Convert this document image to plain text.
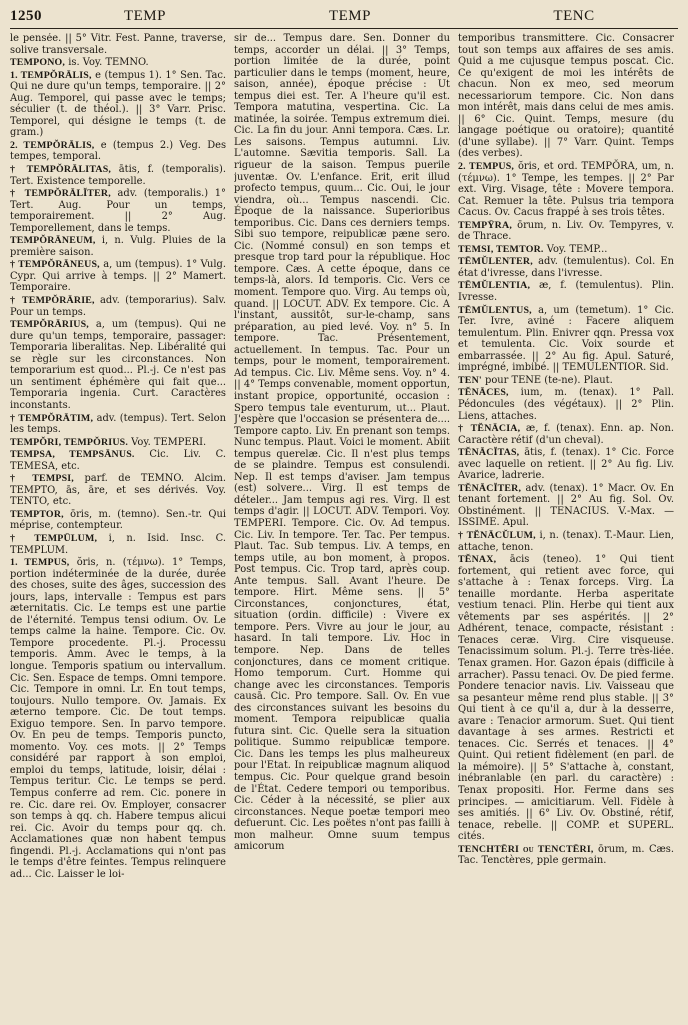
1250	TEMP	TEMP	TENC
le pensée. || 5° Vitr. Fest. Panne, traverse, solive transversale.
TEMPONO, is. Voy. TEMNO.
1. TEMPŎRĀLIS, e (tempus 1). 1° Sen. Tac. Qui ne dure qu'un temps, temporaire. || 2° Aug. Temporel, qui passe avec le temps; séculier (t. de théol.). || 3° Varr. Prisc. Temporel, qui désigne le temps (t. de gram.)
2. TEMPŎRĀLIS, e (tempus 2.) Veg. Des tempes, temporal.
† TEMPŎRĀLITAS, ātis, f. (temporalis). Tert. Existence temporelle.
† TEMPŎRĀLĬTER, adv. (temporalis.) 1° Tert. Aug. Pour un temps, temporairement. || 2° Aug. Temporellement, dans le temps.
TEMPŎRĀNEUM, i, n. Vulg. Pluies de la première saison.
† TEMPŎRĀNEUS, a, um (tempus). 1° Vulg. Cypr. Qui arrive à temps. || 2° Mamert. Temporaire.
† TEMPŎRĀRIE, adv. (temporarius). Salv. Pour un temps.
TEMPŎRĀRIUS, a, um (tempus). Qui ne dure qu'un temps, temporaire, passager: Temporaria liberalitas. Nep. Libéralité qui se règle sur les circonstances. Non temporarium est quod... Pl.-j. Ce n'est pas un sentiment éphémère qui fait que... Temporaria ingenia. Curt. Caractères inconstants.
† TEMPŎRĀTIM, adv. (tempus). Tert. Selon les temps.
TEMPŎRI, TEMPŎRIUS. Voy. TEMPERI.
TEMPSA, TEMPSĀNUS. Cic. Liv. C. TEMESA, etc.
† TEMPSI, parf. de TEMNO. Alcim. TEMPTO, ās, āre, et ses dérivés. Voy. TENTO, etc.
TEMPTOR, ōris, m. (temno). Sen.-tr. Qui méprise, contempteur.
† TEMPŪLUM, i, n. Isid. Insc. C. TEMPLUM.
1. TEMPUS, ŏris, n. (τέμνω). 1° Temps, portion indéterminée de la durée, durée des choses, suite des âges, succession des jours, laps, intervalle : Tempus est pars æternitatis. Cic. Le temps est une partie de l'éternité. Tempus tensi odium. Ov. Le temps calme la haine. Tempore. Cic. Ov. Tempore procedente. Pl.-j. Processu temporis. Amm. Avec le temps, à la longue. Temporis spatium ou intervallum. Cic. Sen. Espace de temps. Omni tempore. Cic. Tempore in omni. Lr. En tout temps, toujours. Nullo tempore. Ov. Jamais. Ex æterno tempore. Cic. De tout temps. Exiguo tempore. Sen. In parvo tempore. Ov. En peu de temps. Temporis puncto, momento. Voy. ces mots. || 2° Temps considéré par rapport à son emploi, emploi du temps, latitude, loisir, délai : Tempus teritur. Cic. Le temps se perd. Tempus conferre ad rem. Cic. ponere in re. Cic. dare rei. Ov. Employer, consacrer son temps à qq. ch. Habere tempus alicui rei. Cic. Avoir du temps pour qq. ch. Acclamationes quæ non habent tempus fingendi. Pl.-j. Acclamations qui n'ont pas le temps d'être feintes. Tempus relinquere ad... Cic. Laisser le loi-
sir de... Tempus dare. Sen. Donner du temps, accorder un délai. || 3° Temps, portion limitée de la durée, point particulier dans le temps (moment, heure, saison, année), époque précise : Ut tempus diei est. Ter. A l'heure qu'il est. Tempora matutina, vespertina. Cic. La matinée, la soirée. Tempus extremum diei. Cic. La fin du jour. Anni tempora. Cæs. Lr. Les saisons. Tempus autumni. Liv. L'automne. Sævitia temporis. Sall. La rigueur de la saison. Tempus puerile juventæ. Ov. L'enfance. Erit, erit illud profecto tempus, quum... Cic. Oui, le jour viendra, où... Tempus nascendi. Cic. Époque de la naissance. Superioribus temporibus. Cic. Dans ces derniers temps. Sibi suo tempore, reipublicæ pæne sero. Cic. (Nommé consul) en son temps et presque trop tard pour la république. Hoc tempore. Cæs. A cette époque, dans ce temps-là, alors. Id temporis. Cic. Vers ce moment. Tempore quo. Virg. Au temps où, quand. || LOCUT. ADV. Ex tempore. Cic. A l'instant, aussitôt, sur-le-champ, sans préparation, au pied levé. Voy. n° 5. In tempore. Tac. Présentement, actuellement. In tempus. Tac. Pour un temps, pour le moment, temporairement. Ad tempus. Cic. Liv. Même sens. Voy. n° 4. || 4° Temps convenable, moment opportun, instant propice, opportunité, occasion : Spero tempus tale eventurum, ut... Plaut. J'espère que l'occasion se présentera de.... Tempore capto. Liv. En prenant son temps. Nunc tempus. Plaut. Voici le moment. Abiit tempus querelæ. Cic. Il n'est plus temps de se plaindre. Tempus est consulendi. Nep. Il est temps d'aviser. Jam tempus (est) solvere... Virg. Il est temps de dételer... Jam tempus agi res. Virg. Il est temps d'agir. || LOCUT. ADV. Tempori. Voy. TEMPERI. Tempore. Cic. Ov. Ad tempus. Cic. Liv. In tempore. Ter. Tac. Per tempus. Plaut. Tac. Sub tempus. Liv. A temps, en temps utile, au bon moment, à propos. Post tempus. Cic. Trop tard, après coup. Ante tempus. Sall. Avant l'heure. De tempore. Hirt. Même sens. || 5° Circonstances, conjonctures, état, situation (ordin. difficile) : Vivere ex tempore. Pers. Vivre au jour le jour, au hasard. In tali tempore. Liv. Hoc in tempore. Nep. Dans de telles conjonctures, dans ce moment critique. Homo temporum. Curt. Homme qui change avec les circonstances. Temporis causā. Cic. Pro tempore. Sall. Ov. En vue des circonstances suivant les besoins du moment. Tempora reipublicæ qualia futura sint. Cic. Quelle sera la situation politique. Summo reipublicæ tempore. Cic. Dans les temps les plus malheureux pour l'Etat. In reipublicæ magnum aliquod tempus. Cic. Pour quelque grand besoin de l'État. Cedere tempori ou temporibus. Cic. Céder à la nécessité, se plier aux circonstances. Neque poetæ tempori meo defuerunt. Cic. Les poëtes n'ont pas failli à mon malheur. Omne suum tempus amicorum
temporibus transmittere. Cic. Consacrer tout son temps aux affaires de ses amis. Quid a me cujusque tempus poscat. Cic. Ce qu'exigent de moi les intérêts de chacun. Non ex meo, sed meorum necessariorum tempore. Cic. Non dans mon intérêt, mais dans celui de mes amis. || 6° Cic. Quint. Temps, mesure (du langage poétique ou oratoire); quantité (d'une syllabe). || 7° Varr. Quint. Temps (des verbes).
2. TEMPUS, ŏris, et ord. TEMPŎRA, um, n. (τέμνω). 1° Tempe, les tempes. || 2° Par ext. Virg. Visage, tête : Movere tempora. Cat. Remuer la tête. Pulsus tria tempora Cacus. Ov. Cacus frappé à ses trois têtes.
TEMPȲRA, ōrum, n. Liv. Ov. Tempyres, v. de Thrace.
TEMSI, TEMTOR. Voy. TEMP...
TĒMŬLENTER, adv. (temulentus). Col. En état d'ivresse, dans l'ivresse.
TĒMŬLENTIA, æ, f. (temulentus). Plin. Ivresse.
TĒMŬLENTUS, a, um (temetum). 1° Cic. Ter. Ivre, aviné : Facere aliquem temulentum. Plin. Enivrer qqn. Pressa vox et temulenta. Cic. Voix sourde et embarrassée. || 2° Au fig. Apul. Saturé, imprégné, imbibé. || TEMULENTIOR. Sid.
TEN' pour TENE (te-ne). Plaut.
TĔNĀCES, ium, m. (tenax). 1° Pall. Pédoncules (des végétaux). || 2° Plin. Liens, attaches.
† TĔNĀCIA, æ, f. (tenax). Enn. ap. Non. Caractère rétif (d'un cheval).
TĔNĀCĬTAS, ātis, f. (tenax). 1° Cic. Force avec laquelle on retient. || 2° Au fig. Liv. Avarice, ladrerie.
TĔNĀCĬTER, adv. (tenax). 1° Macr. Ov. En tenant fortement. || 2° Au fig. Sol. Ov. Obstinément. || TENACIUS. V.-Max. — ISSIME. Apul.
† TĔNĀCŬLUM, i, n. (tenax). T.-Maur. Lien, attache, tenon.
TĔNAX, ācis (teneo). 1° Qui tient fortement, qui retient avec force, qui s'attache à : Tenax forceps. Virg. La tenaille mordante. Herba asperitate vestium tenaci. Plin. Herbe qui tient aux vêtements par ses aspérités. || 2° Adhérent, tenace, compacte, résistant : Tenaces ceræ. Virg. Cire visqueuse. Tenacissimum solum. Pl.-j. Terre très-liée. Tenax gramen. Hor. Gazon épais (difficile à arracher). Passu tenaci. Ov. De pied ferme. Pondere tenacior navis. Liv. Vaisseau que sa pesanteur même rend plus stable. || 3° Qui tient à ce qu'il a, dur à la desserre, avare : Tenacior armorum. Suet. Qui tient davantage à ses armes. Restricti et tenaces. Cic. Serrés et tenaces. || 4° Quint. Qui retient fidèlement (en parl. de la mémoire). || 5° S'attache à, constant, inébranlable (en parl. du caractère) : Tenax propositi. Hor. Ferme dans ses principes. — amicitiarum. Vell. Fidèle à ses amitiés. || 6° Liv. Ov. Obstiné, rétif, tenace, rebelle. || COMP. et SUPERL. cités.
TENCHTĒRI ou TENCTĒRI, ōrum, m. Cæs. Tac. Tenctères, pple germain.
